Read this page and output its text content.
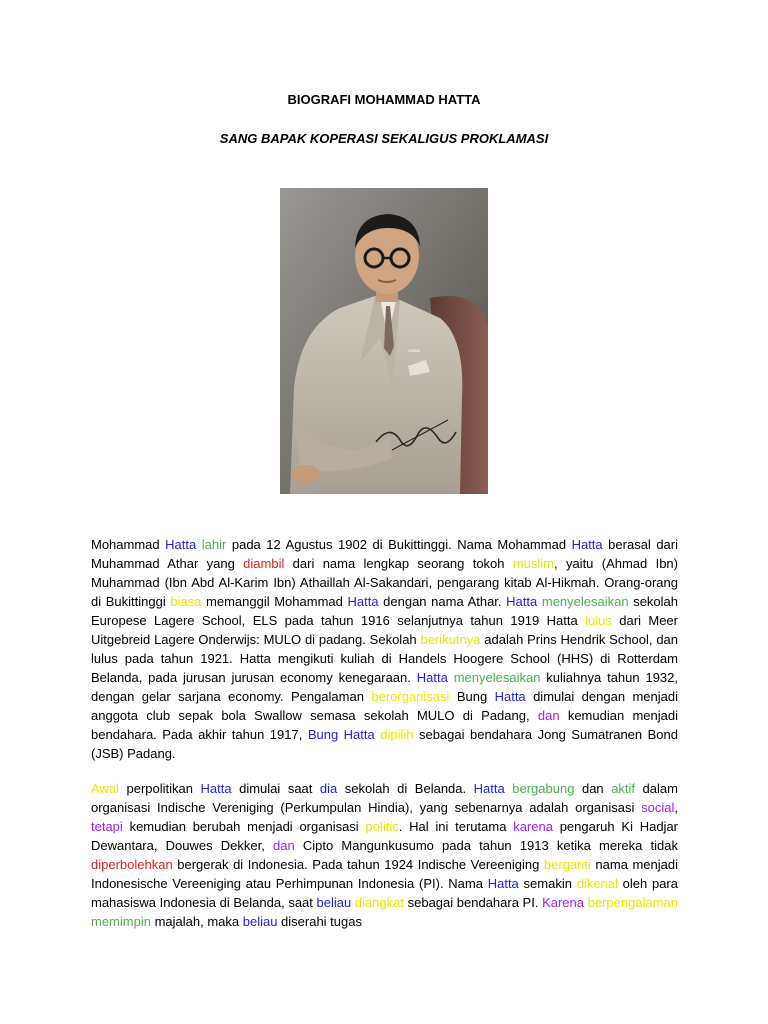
BIOGRAFI MOHAMMAD HATTA

SANG BAPAK KOPERASI SEKALIGUS PROKLAMASI

OMMK

Mohammad Hatta lahir pada 12 Agustus 1902 di Bukittinggi. Nama Mohammad Hatta berasal dari Muhammad Athar yang diambil dari nama lengkap seorang tokoh muslim, yaitu (Ahmad Ibn) Muhammad (Ibn Abd Al-Karim Ibn) Athaillah Al-Sakandari, pengarang kitab Al-Hikmah. Orang-orang di Bukittinggi biasa memanggil Mohammad Hatta dengan nama Athar. Hatta menyelesaikan sekolah Europese Lagere School, ELS pada tahun 1916 selanjutnya tahun 1919 Hatta lulus dari Meer Uitgebreid Lagere Onderwijs: MULO di padang. Sekolah berikutnya adalah Prins Hendrik School, dan lulus pada tahun 1921. Hatta mengikuti kuliah di Handels Hoogere School (HHS) di Rotterdam Belanda, pada jurusan jurusan economy kenegaraan. Hatta menyelesaikan kuliahnya tahun 1932, dengan gelar sarjana economy. Pengalaman berorganisasi Bung Hatta dimulai dengan menjadi anggota club sepak bola Swallow semasa sekolah MULO di Padang, dan kemudian menjadi bendahara. Pada akhir tahun 1917, Bung Hatta dipilih sebagai bendahara Jong Sumatranen Bond (JSB) Padang.

Awal perpolitikan Hatta dimulai saat dia sekolah di Belanda. Hatta bergabung dan aktif dalam organisasi Indische Vereniging (Perkumpulan Hindia), yang sebenarnya adalah organisasi social, tetapi kemudian berubah menjadi organisasi politic. Hal ini terutama karena pengaruh Ki Hadjar Dewantara, Douwes Dekker, dan Cipto Mangunkusumo pada tahun 1913 ketika mereka tidak diperbolehkan bergerak di Indonesia. Pada tahun 1924 Indische Vereeniging berganti nama menjadi Indonesische Vereeniging atau Perhimpunan Indonesia (PI). Nama Hatta semakin dikenal oleh para mahasiswa Indonesia di Belanda, saat beliau diangkat sebagai bendahara PI. Karena berpengalaman memimpin majalah, maka beliau diserahi tugas
